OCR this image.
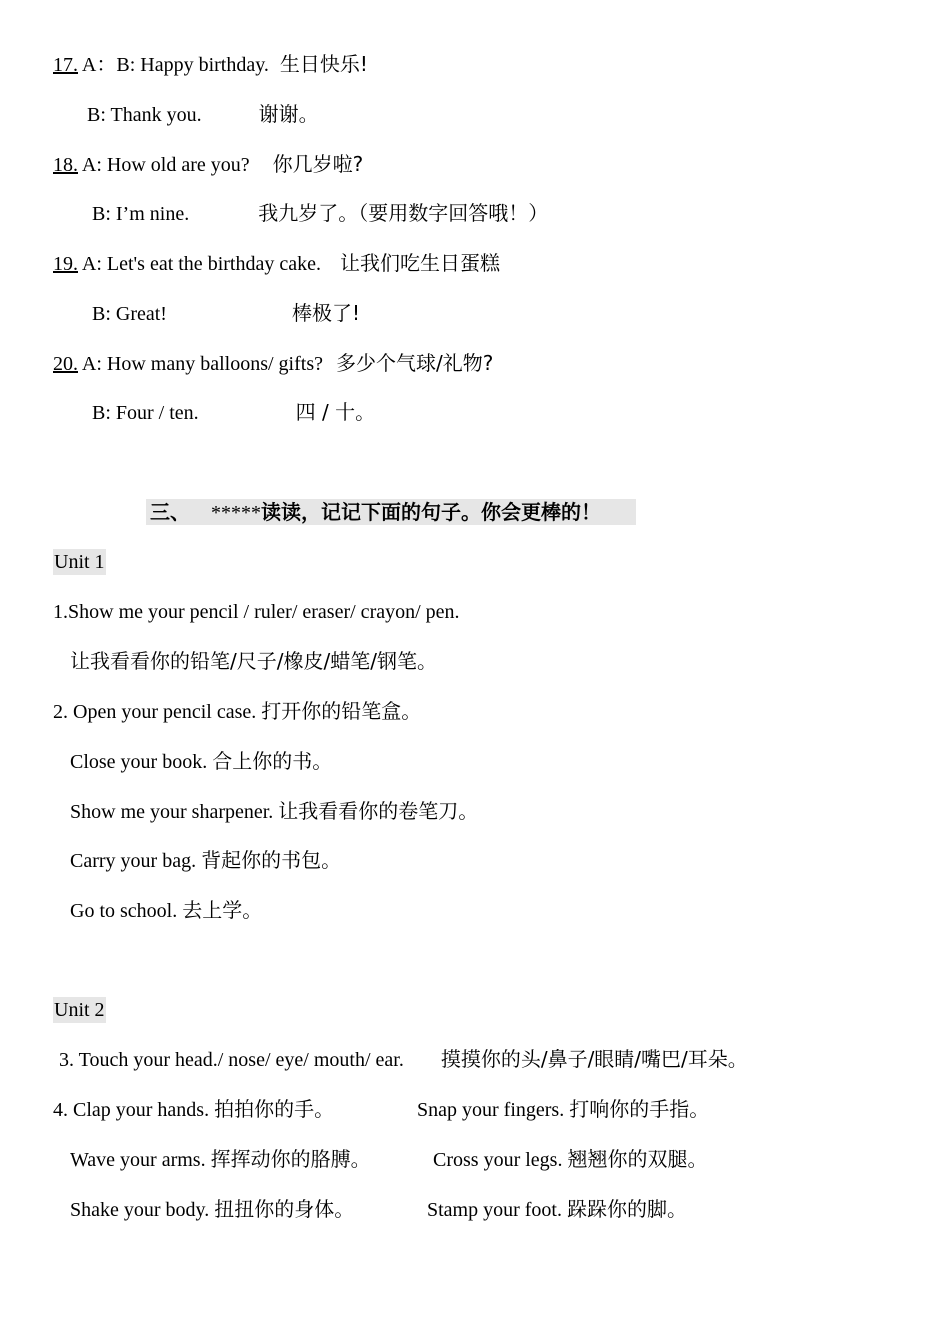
17. A：B: Happy birthday. 生日快乐!
B: Thank you.	谢谢。
18. A: How old are you? 你几岁啦?
B: I’m nine.	我九岁了。（要用数字回答哦！）
19. A: Let's eat the birthday cake. 让我们吃生日蛋糕
B: Great!	棒极了!
20. A: How many balloons/ gifts? 多少个气球/礼物?
B: Four / ten.	四 / 十。
三、 *****读读，记记下面的句子。你会更棒的！
Unit 1
1.Show me your pencil / ruler/ eraser/ crayon/ pen.
让我看看你的铅笔/尺子/橡皮/蜡笔/钢笔。
2. Open your pencil case. 打开你的铅笔盒。
Close your book. 合上你的书。
Show me your sharpener. 让我看看你的卷笔刀。
Carry your bag. 背起你的书包。
Go to school. 去上学。
Unit 2
3. Touch your head./ nose/ eye/ mouth/ ear. 摸摸你的头/鼻子/眼睛/嘴巴/耳朵。
4. Clap your hands. 拍拍你的手。	Snap your fingers. 打响你的手指。
Wave your arms. 挥挥动你的胳膊。	Cross your legs. 翘翘你的双腿。
Shake your body. 扭扭你的身体。	Stamp your foot. 跺跺你的脚。
